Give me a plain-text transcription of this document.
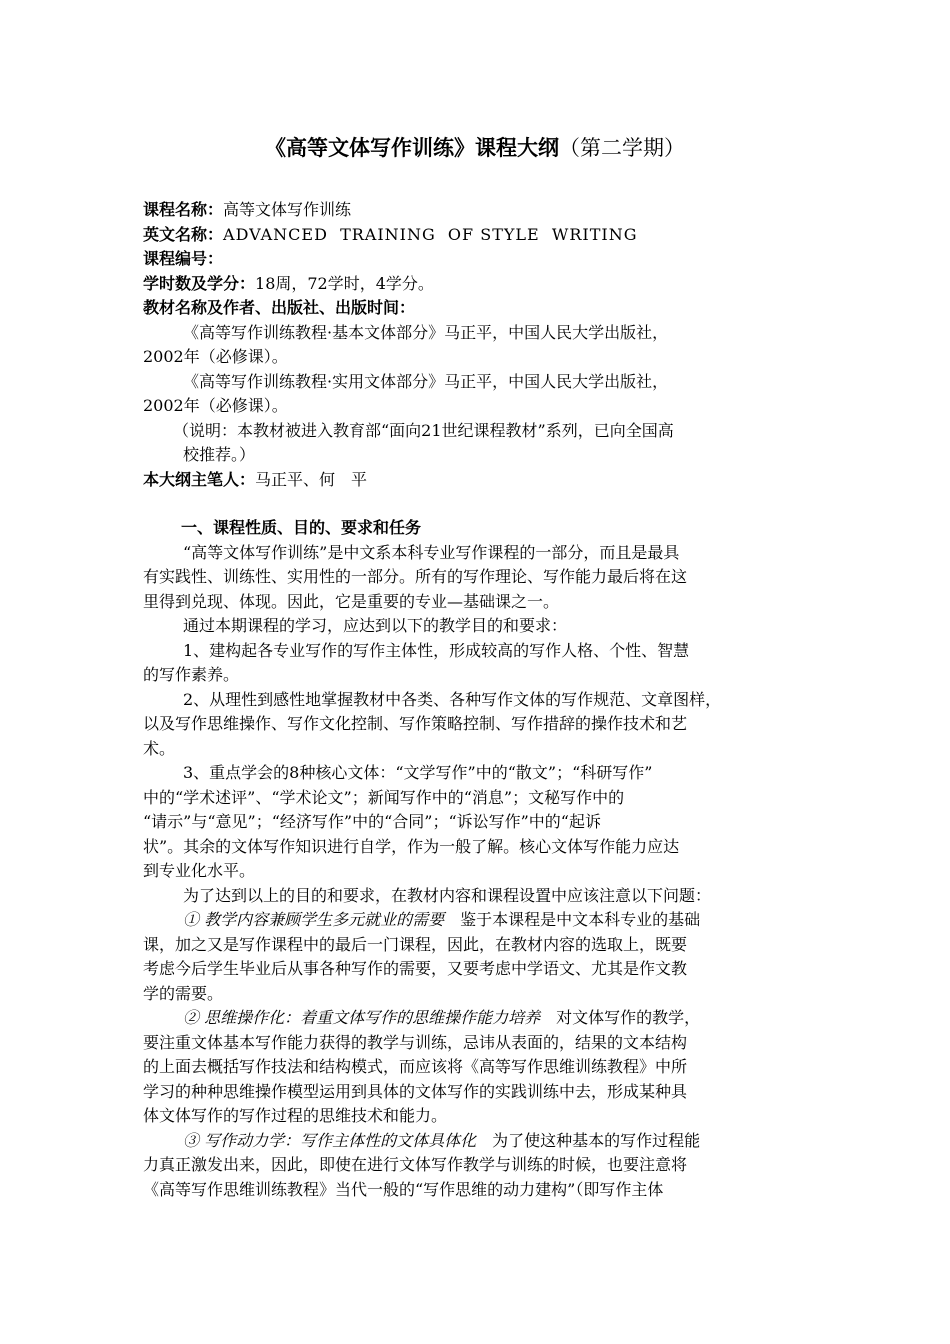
《高等文体写作训练》课程大纲（第二学期）

课程名称：高等文体写作训练

英文名称：ADVANCED  TRAINING  OF STYLE  WRITING

课程编号：

学时数及学分：18周，72学时，4学分。

教材名称及作者、出版社、出版时间：

《高等写作训练教程·基本文体部分》马正平，中国人民大学出版社，

2002年（必修课）。

《高等写作训练教程·实用文体部分》马正平，中国人民大学出版社，

2002年（必修课）。

（说明：本教材被进入教育部“面向21世纪课程教材”系列，已向全国高

校推荐。）

本大纲主笔人：马正平、何　平

一、课程性质、目的、要求和任务

“高等文体写作训练”是中文系本科专业写作课程的一部分，而且是最具

有实践性、训练性、实用性的一部分。所有的写作理论、写作能力最后将在这

里得到兑现、体现。因此，它是重要的专业—基础课之一。

通过本期课程的学习，应达到以下的教学目的和要求：

1、建构起各专业写作的写作主体性，形成较高的写作人格、个性、智慧

的写作素养。

2、从理性到感性地掌握教材中各类、各种写作文体的写作规范、文章图样，

以及写作思维操作、写作文化控制、写作策略控制、写作措辞的操作技术和艺

术。

3、重点学会的8种核心文体：“文学写作”中的“散文”；“科研写作”

中的“学术述评”、“学术论文”；新闻写作中的“消息”；文秘写作中的

“请示”与“意见”；“经济写作”中的“合同”；“诉讼写作”中的“起诉

状”。其余的文体写作知识进行自学，作为一般了解。核心文体写作能力应达

到专业化水平。

为了达到以上的目的和要求，在教材内容和课程设置中应该注意以下问题：

① 教学内容兼顾学生多元就业的需要　鉴于本课程是中文本科专业的基础

课，加之又是写作课程中的最后一门课程，因此，在教材内容的选取上，既要

考虑今后学生毕业后从事各种写作的需要，又要考虑中学语文、尤其是作文教

学的需要。

② 思维操作化：着重文体写作的思维操作能力培养　对文体写作的教学，

要注重文体基本写作能力获得的教学与训练，忌讳从表面的，结果的文本结构

的上面去概括写作技法和结构模式，而应该将《高等写作思维训练教程》中所

学习的种种思维操作模型运用到具体的文体写作的实践训练中去，形成某种具

体文体写作的写作过程的思维技术和能力。

③ 写作动力学：写作主体性的文体具体化　为了使这种基本的写作过程能

力真正激发出来，因此，即使在进行文体写作教学与训练的时候，也要注意将

《高等写作思维训练教程》当代一般的“写作思维的动力建构”（即写作主体
